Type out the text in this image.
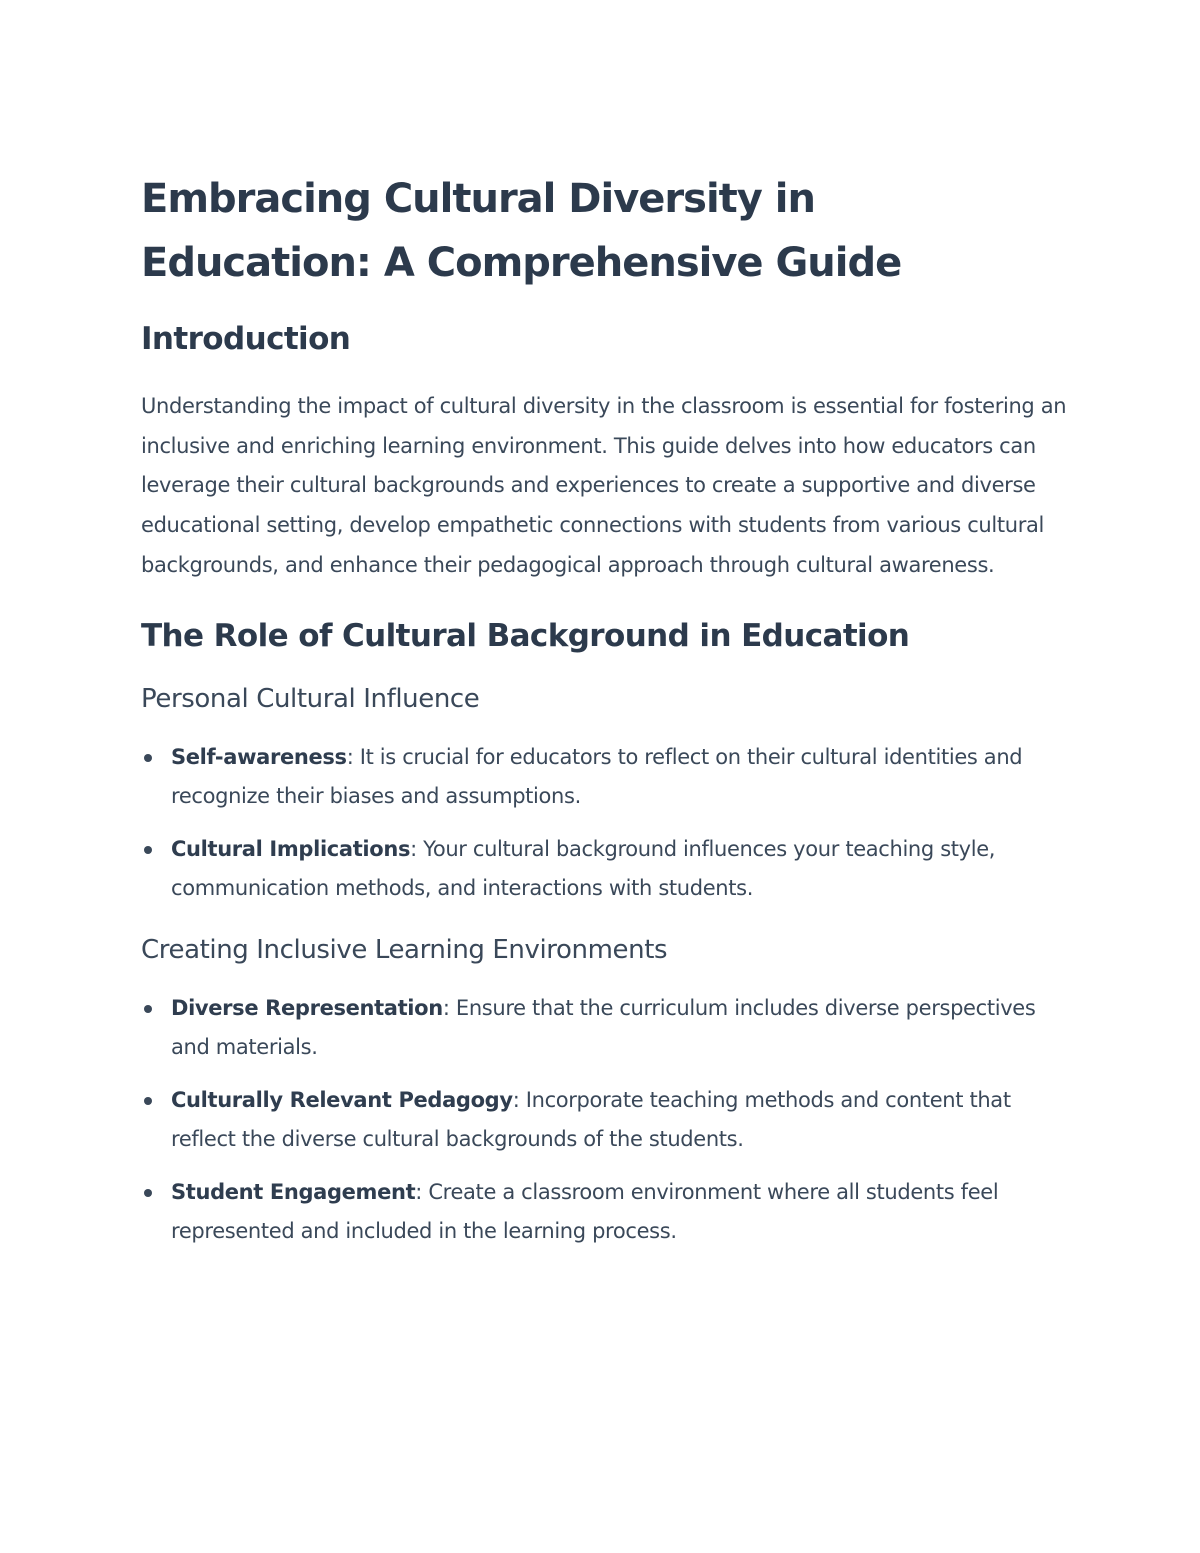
Embracing Cultural Diversity in
Education: A Comprehensive Guide
Introduction

Understanding the impact of cultural diversity in the classroom is essential for fostering an inclusive and enriching learning environment. This guide delves into how educators can leverage their cultural backgrounds and experiences to create a supportive and diverse educational setting, develop empathetic connections with students from various cultural backgrounds, and enhance their pedagogical approach through cultural awareness.

The Role of Cultural Background in Education
Personal Cultural Influence
Self-awareness: It is crucial for educators to reflect on their cultural identities and recognize their biases and assumptions.
Cultural Implications: Your cultural background influences your teaching style, communication methods, and interactions with students.
Creating Inclusive Learning Environments
Diverse Representation: Ensure that the curriculum includes diverse perspectives and materials.
Culturally Relevant Pedagogy: Incorporate teaching methods and content that reflect the diverse cultural backgrounds of the students.
Student Engagement: Create a classroom environment where all students feel represented and included in the learning process.
